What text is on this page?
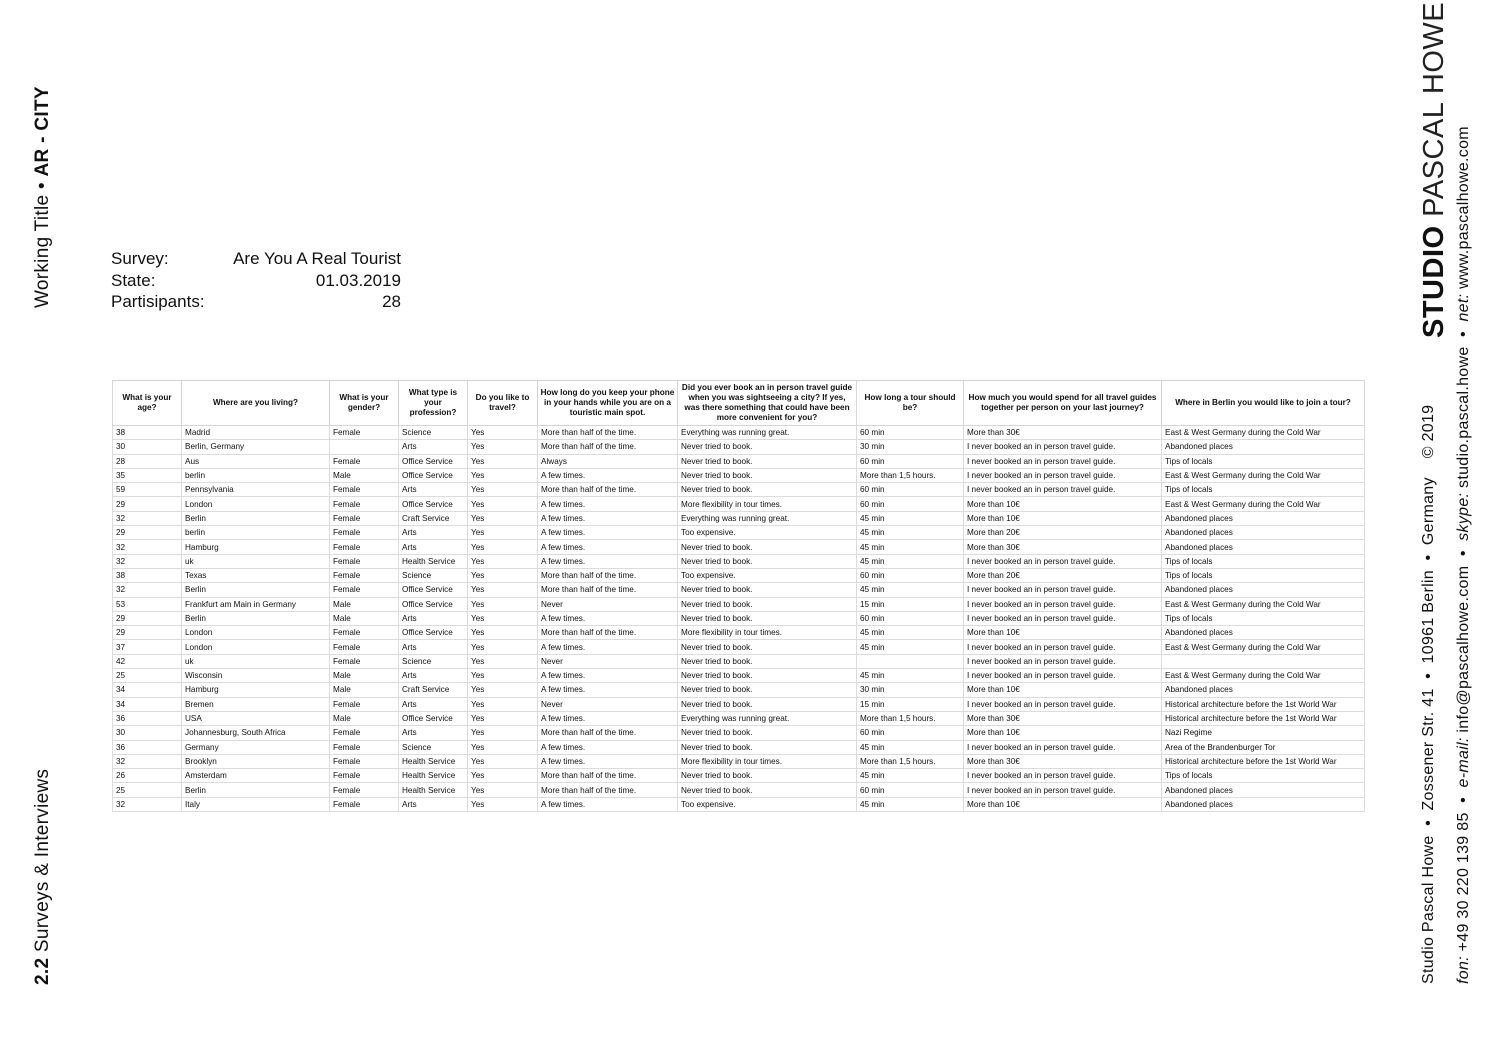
Working Title • AR - CITY
2.2 Surveys & Interviews
STUDIO PASCAL HOWE
Studio Pascal Howe  •  Zossener Str. 41  •  10961 Berlin  •  Germany    © 2019 fon: +49 30 220 139 85  •  e-mail: info@pascalhowe.com  •  skype: studio.pascal.howe  •  net: www.pascalhowe.com
Survey:	Are You A Real Tourist
State:	01.03.2019
Partisipants:	28
What is your age?	Where are you living?	What is your gender?	What type is your profession?	Do you like to travel?	How long do you keep your phone in your hands while you are on a touristic main spot.	Did you ever book an in person travel guide when you was sightseeing a city? If yes, was there something that could have been more convenient for you?	How long a tour should be?	How much you would spend for all travel guides together per person on your last journey?	Where in Berlin you would like to join a tour?
38	Madrid	Female	Science	Yes	More than half of the time.	Everything was running great.	60 min	More than 30€	East & West Germany during the Cold War
30	Berlin, Germany		Arts	Yes	More than half of the time.	Never tried to book.	30 min	I never booked an in person travel guide.	Abandoned places
28	Aus	Female	Office Service	Yes	Always	Never tried to book.	60 min	I never booked an in person travel guide.	Tips of locals
35	berlin	Male	Office Service	Yes	A few times.	Never tried to book.	More than 1,5 hours.	I never booked an in person travel guide.	East & West Germany during the Cold War
59	Pennsylvania	Female	Arts	Yes	More than half of the time.	Never tried to book.	60 min	I never booked an in person travel guide.	Tips of locals
29	London	Female	Office Service	Yes	A few times.	More flexibility in tour times.	60 min	More than 10€	East & West Germany during the Cold War
32	Berlin	Female	Craft Service	Yes	A few times.	Everything was running great.	45 min	More than 10€	Abandoned places
29	berlin	Female	Arts	Yes	A few times.	Too expensive.	45 min	More than 20€	Abandoned places
32	Hamburg	Female	Arts	Yes	A few times.	Never tried to book.	45 min	More than 30€	Abandoned places
32	uk	Female	Health Service	Yes	A few times.	Never tried to book.	45 min	I never booked an in person travel guide.	Tips of locals
38	Texas	Female	Science	Yes	More than half of the time.	Too expensive.	60 min	More than 20€	Tips of locals
32	Berlin	Female	Office Service	Yes	More than half of the time.	Never tried to book.	45 min	I never booked an in person travel guide.	Abandoned places
53	Frankfurt am Main in Germany	Male	Office Service	Yes	Never	Never tried to book.	15 min	I never booked an in person travel guide.	East & West Germany during the Cold War
29	Berlin	Male	Arts	Yes	A few times.	Never tried to book.	60 min	I never booked an in person travel guide.	Tips of locals
29	London	Female	Office Service	Yes	More than half of the time.	More flexibility in tour times.	45 min	More than 10€	Abandoned places
37	London	Female	Arts	Yes	A few times.	Never tried to book.	45 min	I never booked an in person travel guide.	East & West Germany during the Cold War
42	uk	Female	Science	Yes	Never	Never tried to book.		I never booked an in person travel guide.	
25	Wisconsin	Male	Arts	Yes	A few times.	Never tried to book.	45 min	I never booked an in person travel guide.	East & West Germany during the Cold War
34	Hamburg	Male	Craft Service	Yes	A few times.	Never tried to book.	30 min	More than 10€	Abandoned places
34	Bremen	Female	Arts	Yes	Never	Never tried to book.	15 min	I never booked an in person travel guide.	Historical architecture before the 1st World War
36	USA	Male	Office Service	Yes	A few times.	Everything was running great.	More than 1,5 hours.	More than 30€	Historical architecture before the 1st World War
30	Johannesburg, South Africa	Female	Arts	Yes	More than half of the time.	Never tried to book.	60 min	More than 10€	Nazi Regime
36	Germany	Female	Science	Yes	A few times.	Never tried to book.	45 min	I never booked an in person travel guide.	Area of the Brandenburger Tor
32	Brooklyn	Female	Health Service	Yes	A few times.	More flexibility in tour times.	More than 1,5 hours.	More than 30€	Historical architecture before the 1st World War
26	Amsterdam	Female	Health Service	Yes	More than half of the time.	Never tried to book.	45 min	I never booked an in person travel guide.	Tips of locals
25	Berlin	Female	Health Service	Yes	More than half of the time.	Never tried to book.	60 min	I never booked an in person travel guide.	Abandoned places
32	Italy	Female	Arts	Yes	A few times.	Too expensive.	45 min	More than 10€	Abandoned places
